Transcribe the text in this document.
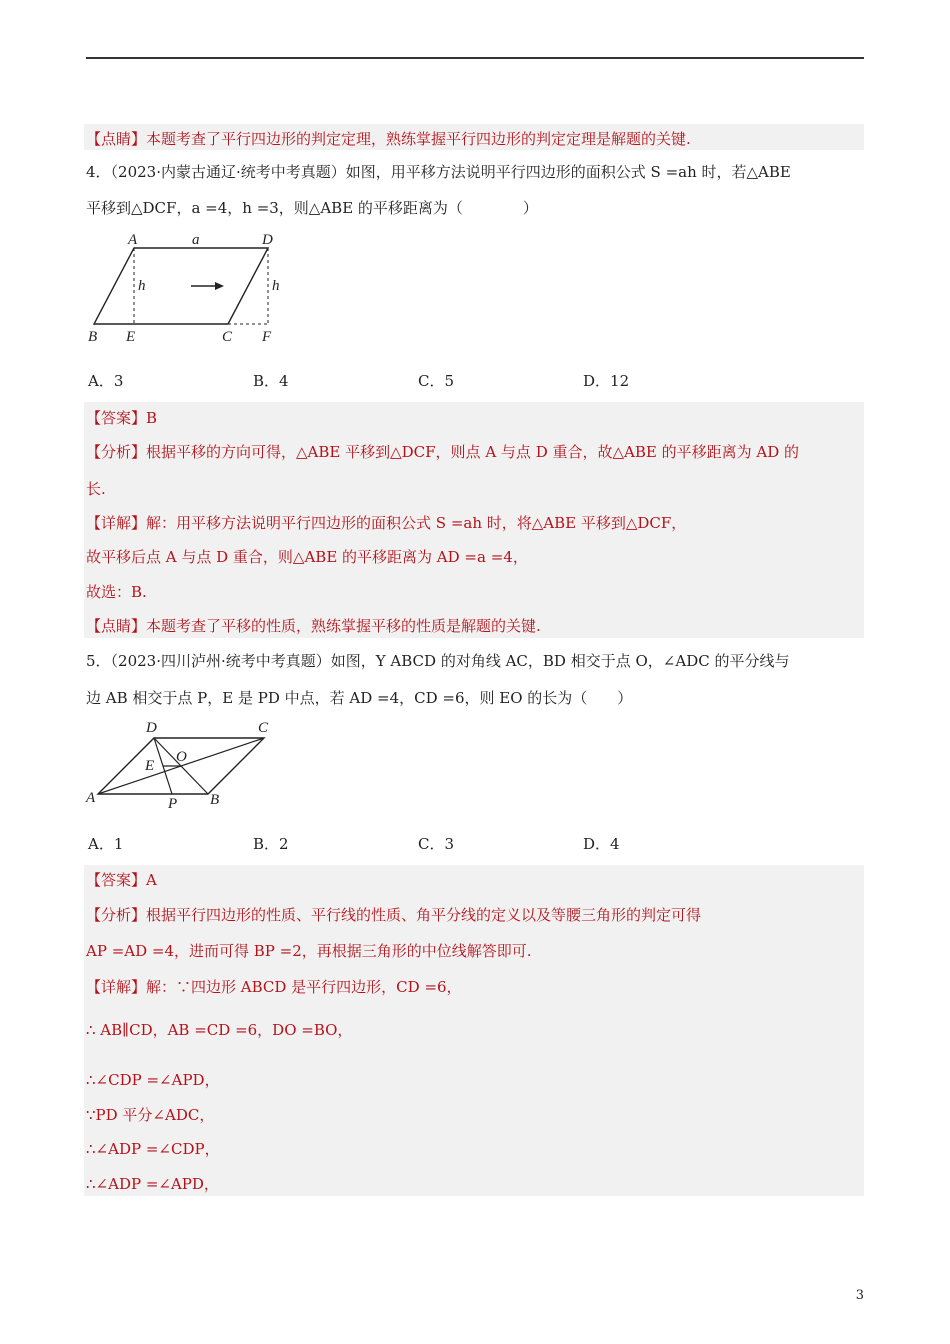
【点睛】本题考查了平行四边形的判定定理，熟练掌握平行四边形的判定定理是解题的关键.
4．（2023·内蒙古通辽·统考中考真题）如图，用平移方法说明平行四边形的面积公式 S =ah 时，若△ABE
平移到△DCF，a =4，h =3，则△ABE 的平移距离为（　　　　）
A	a	D
h	h
B E	C F
A．3	B．4	C．5	D．12
【答案】B
【分析】根据平移的方向可得，△ABE 平移到△DCF，则点 A 与点 D 重合，故△ABE 的平移距离为 AD 的
长.
【详解】解：用平移方法说明平行四边形的面积公式 S =ah 时，将△ABE 平移到△DCF，
故平移后点 A 与点 D 重合，则△ABE 的平移距离为 AD =a =4，
故选：B.
【点睛】本题考查了平移的性质，熟练掌握平移的性质是解题的关键.
5．（2023·四川泸州·统考中考真题）如图，Y ABCD 的对角线 AC，BD 相交于点 O，∠ADC 的平分线与
边 AB 相交于点 P，E 是 PD 中点，若 AD =4，CD =6，则 EO 的长为（　　）
D	C
O
E
A	P B
A．1	B．2	C．3	D．4
【答案】A
【分析】根据平行四边形的性质、平行线的性质、角平分线的定义以及等腰三角形的判定可得
AP =AD =4，进而可得 BP =2，再根据三角形的中位线解答即可.
【详解】解：∵四边形 ABCD 是平行四边形，CD =6，
∴ AB∥CD，AB =CD =6，DO =BO，
∴∠CDP =∠APD，
∵PD 平分∠ADC，
∴∠ADP =∠CDP，
∴∠ADP =∠APD，
3
